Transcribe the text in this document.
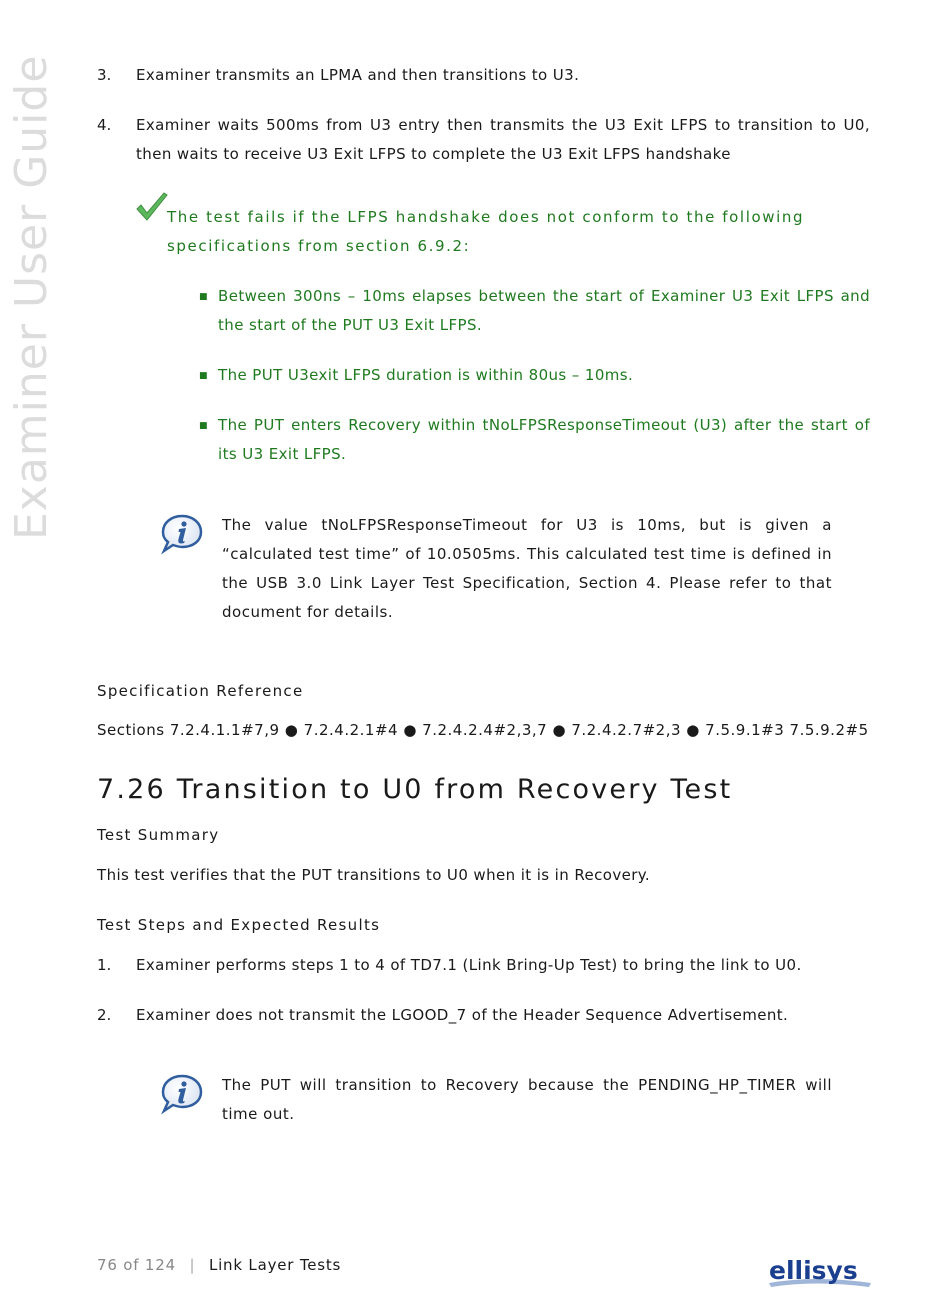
Examiner User Guide	3. Examiner transmits an LPMA and then transitions to U3.
4. Examiner waits 500ms from U3 entry then transmits the U3 Exit LFPS to transition to U0, then waits to receive U3 Exit LFPS to complete the U3 Exit LFPS handshake
The test fails if the LFPS handshake does not conform to the following specifications from section 6.9.2:
■ Between 300ns – 10ms elapses between the start of Examiner U3 Exit LFPS and the start of the PUT U3 Exit LFPS.
■ The PUT U3exit LFPS duration is within 80us – 10ms.
■ The PUT enters Recovery within tNoLFPSResponseTimeout (U3) after the start of its U3 Exit LFPS.
The value tNoLFPSResponseTimeout for U3 is 10ms, but is given a “calculated test time” of 10.0505ms. This calculated test time is defined in the USB 3.0 Link Layer Test Specification, Section 4. Please refer to that document for details.
Specification Reference
Sections 7.2.4.1.1#7,9 ● 7.2.4.2.1#4 ● 7.2.4.2.4#2,3,7 ● 7.2.4.2.7#2,3 ● 7.5.9.1#3 7.5.9.2#5
7.26 Transition to U0 from Recovery Test
Test Summary
This test verifies that the PUT transitions to U0 when it is in Recovery.
Test Steps and Expected Results
1. Examiner performs steps 1 to 4 of TD7.1 (Link Bring-Up Test) to bring the link to U0.
2. Examiner does not transmit the LGOOD_7 of the Header Sequence Advertisement.
The PUT will transition to Recovery because the PENDING_HP_TIMER will time out.
76 of 124 | Link Layer Tests	ellisys
